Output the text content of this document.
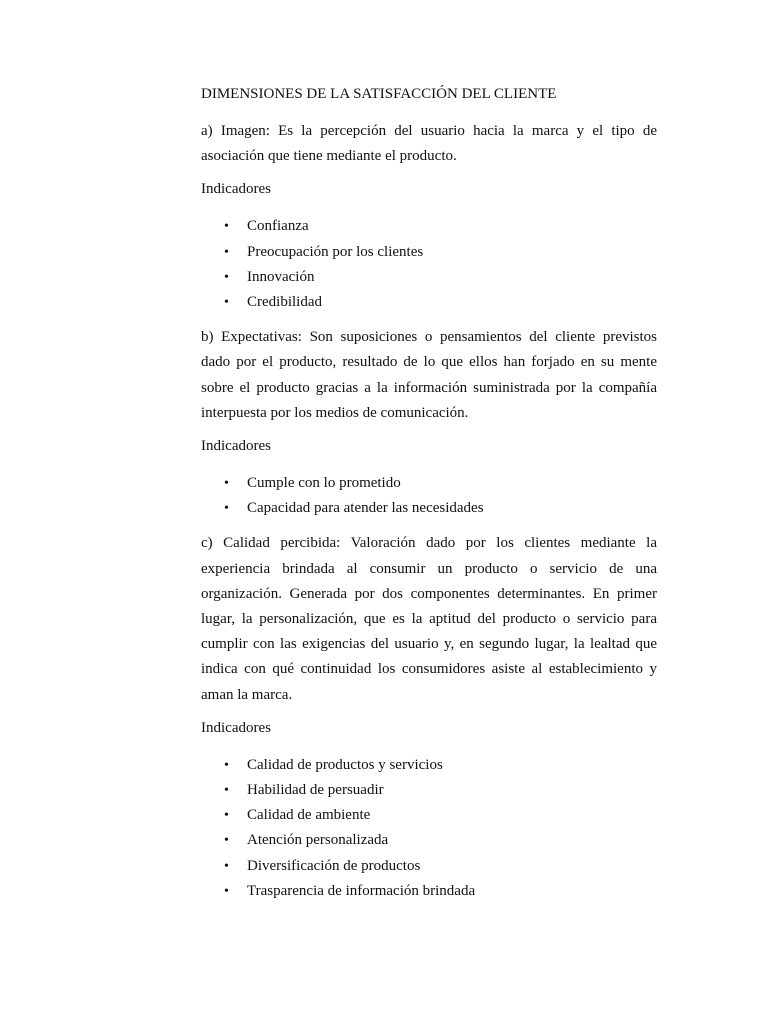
DIMENSIONES DE LA SATISFACCIÓN DEL CLIENTE
a) Imagen: Es la percepción del usuario hacia la marca y el tipo de asociación que tiene mediante el producto.
Indicadores
•	Confianza
•	Preocupación por los clientes
•	Innovación
•	Credibilidad
b) Expectativas: Son suposiciones o pensamientos del cliente previstos dado por el producto, resultado de lo que ellos han forjado en su mente sobre el producto gracias a la información suministrada por la compañía interpuesta por los medios de comunicación.
Indicadores
•	Cumple con lo prometido
•	Capacidad para atender las necesidades
c) Calidad percibida: Valoración dado por los clientes mediante la experiencia brindada al consumir un producto o servicio de una organización. Generada por dos componentes determinantes. En primer lugar, la personalización, que es la aptitud del producto o servicio para cumplir con las exigencias del usuario y, en segundo lugar, la lealtad que indica con qué continuidad los consumidores asiste al establecimiento y aman la marca.
Indicadores
•	Calidad de productos y servicios
•	Habilidad de persuadir
•	Calidad de ambiente
•	Atención personalizada
•	Diversificación de productos
•	Trasparencia de información brindada
